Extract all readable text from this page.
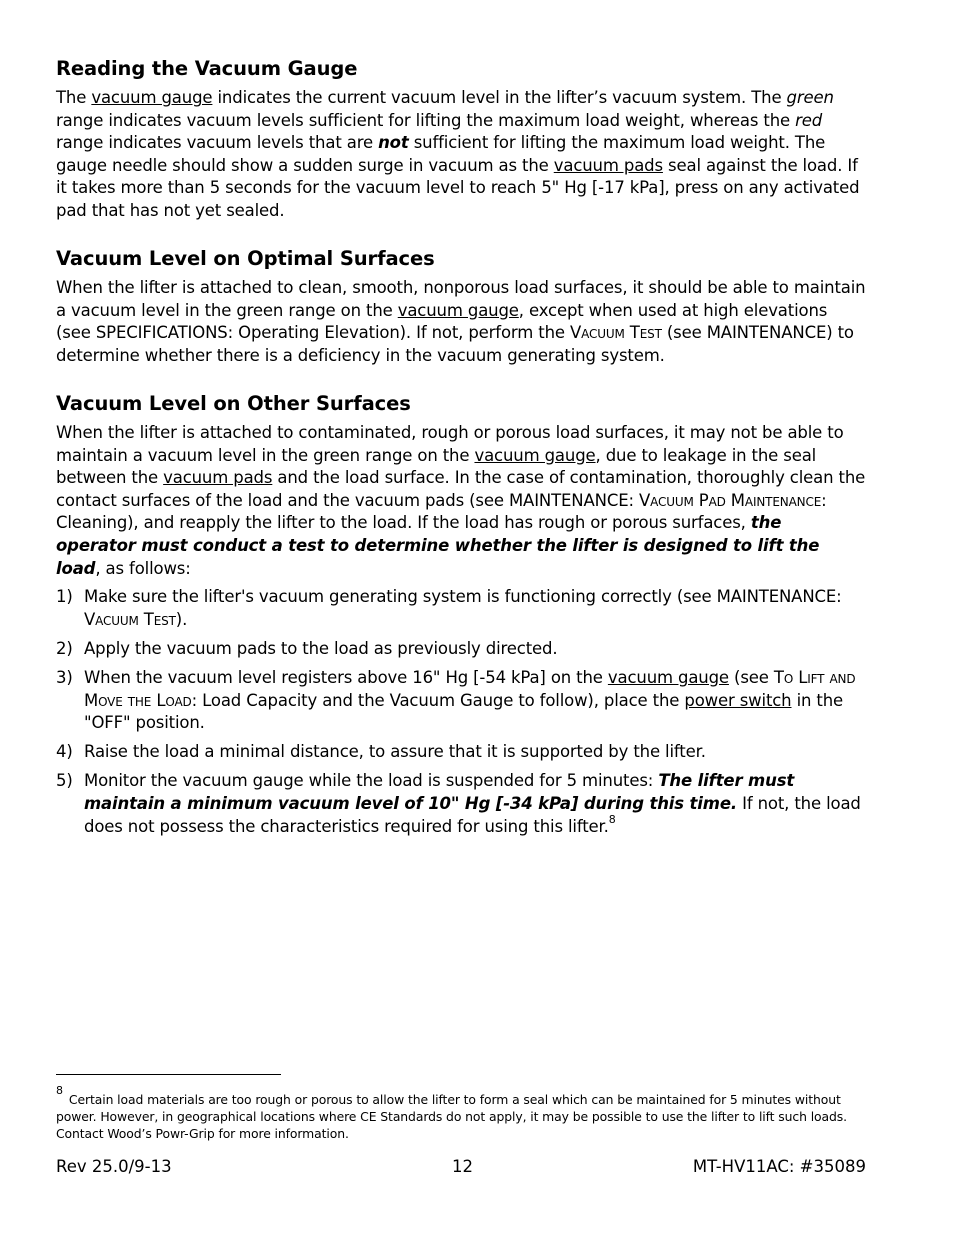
Reading the Vacuum Gauge

The vacuum gauge indicates the current vacuum level in the lifter’s vacuum system. The green range indicates vacuum levels sufficient for lifting the maximum load weight, whereas the red range indicates vacuum levels that are not sufficient for lifting the maximum load weight. The gauge needle should show a sudden surge in vacuum as the vacuum pads seal against the load. If it takes more than 5 seconds for the vacuum level to reach 5" Hg [-17 kPa], press on any activated pad that has not yet sealed.

Vacuum Level on Optimal Surfaces

When the lifter is attached to clean, smooth, nonporous load surfaces, it should be able to maintain a vacuum level in the green range on the vacuum gauge, except when used at high elevations (see SPECIFICATIONS: Operating Elevation). If not, perform the Vacuum Test (see MAINTENANCE) to determine whether there is a deficiency in the vacuum generating system.

Vacuum Level on Other Surfaces

When the lifter is attached to contaminated, rough or porous load surfaces, it may not be able to maintain a vacuum level in the green range on the vacuum gauge, due to leakage in the seal between the vacuum pads and the load surface. In the case of contamination, thoroughly clean the contact surfaces of the load and the vacuum pads (see MAINTENANCE: Vacuum Pad Maintenance: Cleaning), and reapply the lifter to the load. If the load has rough or porous surfaces, the operator must conduct a test to determine whether the lifter is designed to lift the load, as follows:

1) Make sure the lifter's vacuum generating system is functioning correctly (see MAINTENANCE: Vacuum Test).
2) Apply the vacuum pads to the load as previously directed.
3) When the vacuum level registers above 16" Hg [-54 kPa] on the vacuum gauge (see To Lift and Move the Load: Load Capacity and the Vacuum Gauge to follow), place the power switch in the "OFF" position.
4) Raise the load a minimal distance, to assure that it is supported by the lifter.
5) Monitor the vacuum gauge while the load is suspended for 5 minutes: The lifter must maintain a minimum vacuum level of 10" Hg [-34 kPa] during this time. If not, the load does not possess the characteristics required for using this lifter.$^8$
$^8$Certain load materials are too rough or porous to allow the lifter to form a seal which can be maintained for 5 minutes without power. However, in geographical locations where CE Standards do not apply, it may be possible to use the lifter to lift such loads. Contact Wood’s Powr-Grip for more information.
Rev 25.0/9-13	12	MT-HV11AC: #35089
